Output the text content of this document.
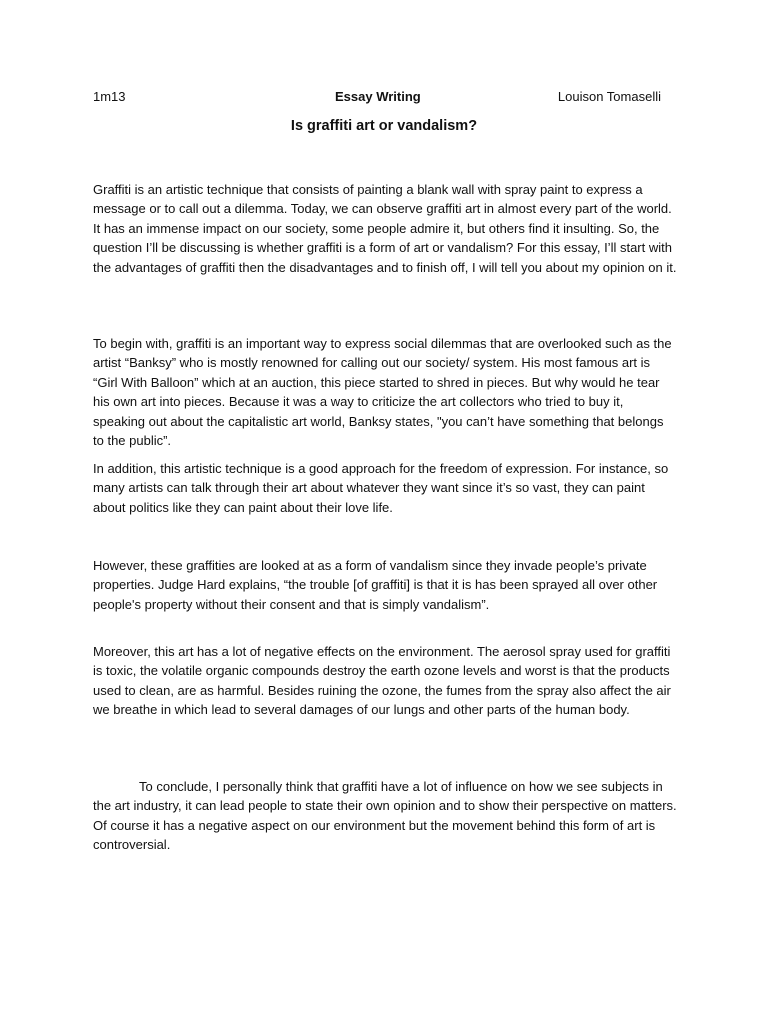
1m13	Essay Writing	Louison Tomaselli
Is graffiti art or vandalism?

Graffiti is an artistic technique that consists of painting a blank wall with spray paint to express a message or to call out a dilemma. Today, we can observe graffiti art in almost every part of the world. It has an immense impact on our society, some people admire it, but others find it insulting. So, the question I’ll be discussing is whether graffiti is a form of art or vandalism? For this essay, I’ll start with the advantages of graffiti then the disadvantages and to finish off, I will tell you about my opinion on it.

To begin with, graffiti is an important way to express social dilemmas that are overlooked such as the artist “Banksy” who is mostly renowned for calling out our society/ system. His most famous art is “Girl With Balloon” which at an auction, this piece started to shred in pieces. But why would he tear his own art into pieces. Because it was a way to criticize the art collectors who tried to buy it, speaking out about the capitalistic art world, Banksy states, "you can’t have something that belongs to the public”.

In addition, this artistic technique is a good approach for the freedom of expression. For instance, so many artists can talk through their art about whatever they want since it’s so vast, they can paint about politics like they can paint about their love life.

However, these graffities are looked at as a form of vandalism since they invade people’s private properties. Judge Hard explains, “the trouble [of graffiti] is that it is has been sprayed all over other people's property without their consent and that is simply vandalism”.

Moreover, this art has a lot of negative effects on the environment. The aerosol spray used for graffiti is toxic, the volatile organic compounds destroy the earth ozone levels and worst is that the products used to clean, are as harmful. Besides ruining the ozone, the fumes from the spray also affect the air we breathe in which lead to several damages of our lungs and other parts of the human body.

To conclude, I personally think that graffiti have a lot of influence on how we see subjects in the art industry, it can lead people to state their own opinion and to show their perspective on matters. Of course it has a negative aspect on our environment but the movement behind this form of art is controversial.
